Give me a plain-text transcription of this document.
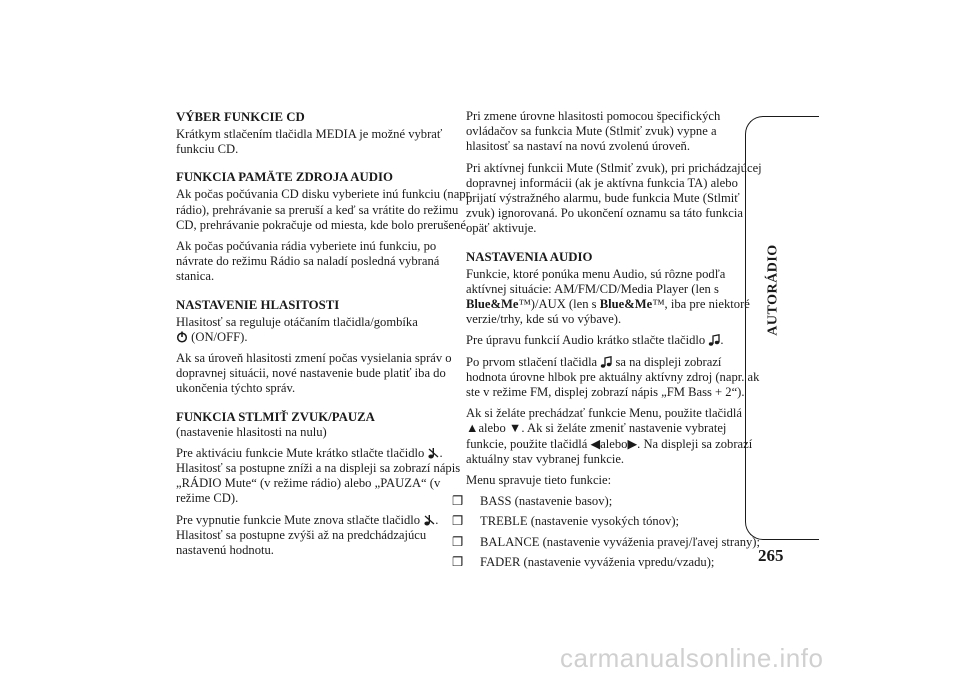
VÝBER FUNKCIE CD

Krátkym stlačením tlačidla MEDIA je možné vybrať funkciu CD.

FUNKCIA PAMÄTE ZDROJA AUDIO

Ak počas počúvania CD disku vyberiete inú funkciu (napr. rádio), prehrávanie sa preruší a keď sa vrátite do režimu CD, prehrávanie pokračuje od miesta, kde bolo prerušené.

Ak počas počúvania rádia vyberiete inú funkciu, po návrate do režimu Rádio sa naladí posledná vybraná stanica.

NASTAVENIE HLASITOSTI

Hlasitosť sa reguluje otáčaním tlačidla/gombíka
(ON/OFF).

Ak sa úroveň hlasitosti zmení počas vysielania správ o dopravnej situácii, nové nastavenie bude platiť iba do ukončenia týchto správ.

FUNKCIA STLMIŤ ZVUK/PAUZA

(nastavenie hlasitosti na nulu)

Pre aktiváciu funkcie Mute krátko stlačte tlačidlo . Hlasitosť sa postupne zníži a na displeji sa zobrazí nápis „RÁDIO Mute“ (v režime rádio) alebo „PAUZA“ (v režime CD).

Pre vypnutie funkcie Mute znova stlačte tlačidlo . Hlasitosť sa postupne zvýši až na predchádzajúcu nastavenú hodnotu.

Pri zmene úrovne hlasitosti pomocou špecifických ovládačov sa funkcia Mute (Stlmiť zvuk) vypne a hlasitosť sa nastaví na novú zvolenú úroveň.

Pri aktívnej funkcii Mute (Stlmiť zvuk), pri prichádzajúcej dopravnej informácii (ak je aktívna funkcia TA) alebo prijatí výstražného alarmu, bude funkcia Mute (Stlmiť zvuk) ignorovaná. Po ukončení oznamu sa táto funkcia opäť aktivuje.

NASTAVENIA AUDIO

Funkcie, ktoré ponúka menu Audio, sú rôzne podľa aktívnej situácie: AM/FM/CD/Media Player (len s Blue&Me™)/AUX (len s Blue&Me™, iba pre niektoré verzie/trhy, kde sú vo výbave).

Pre úpravu funkcií Audio krátko stlačte tlačidlo .

Po prvom stlačení tlačidla sa na displeji zobrazí hodnota úrovne hlbok pre aktuálny aktívny zdroj (napr. ak ste v režime FM, displej zobrazí nápis „FM Bass + 2“).

Ak si želáte prechádzať funkcie Menu, použite tlačidlá ▲alebo ▼. Ak si želáte zmeniť nastavenie vybratej funkcie, použite tlačidlá ◀alebo▶. Na displeji sa zobrazí aktuálny stav vybranej funkcie.

Menu spravuje tieto funkcie:

❒ BASS (nastavenie basov);
❒ TREBLE (nastavenie vysokých tónov);
❒ BALANCE (nastavenie vyváženia pravej/ľavej strany);
❒ FADER (nastavenie vyváženia vpredu/vzadu);
AUTORÁDIO
265
carmanualsonline.info
